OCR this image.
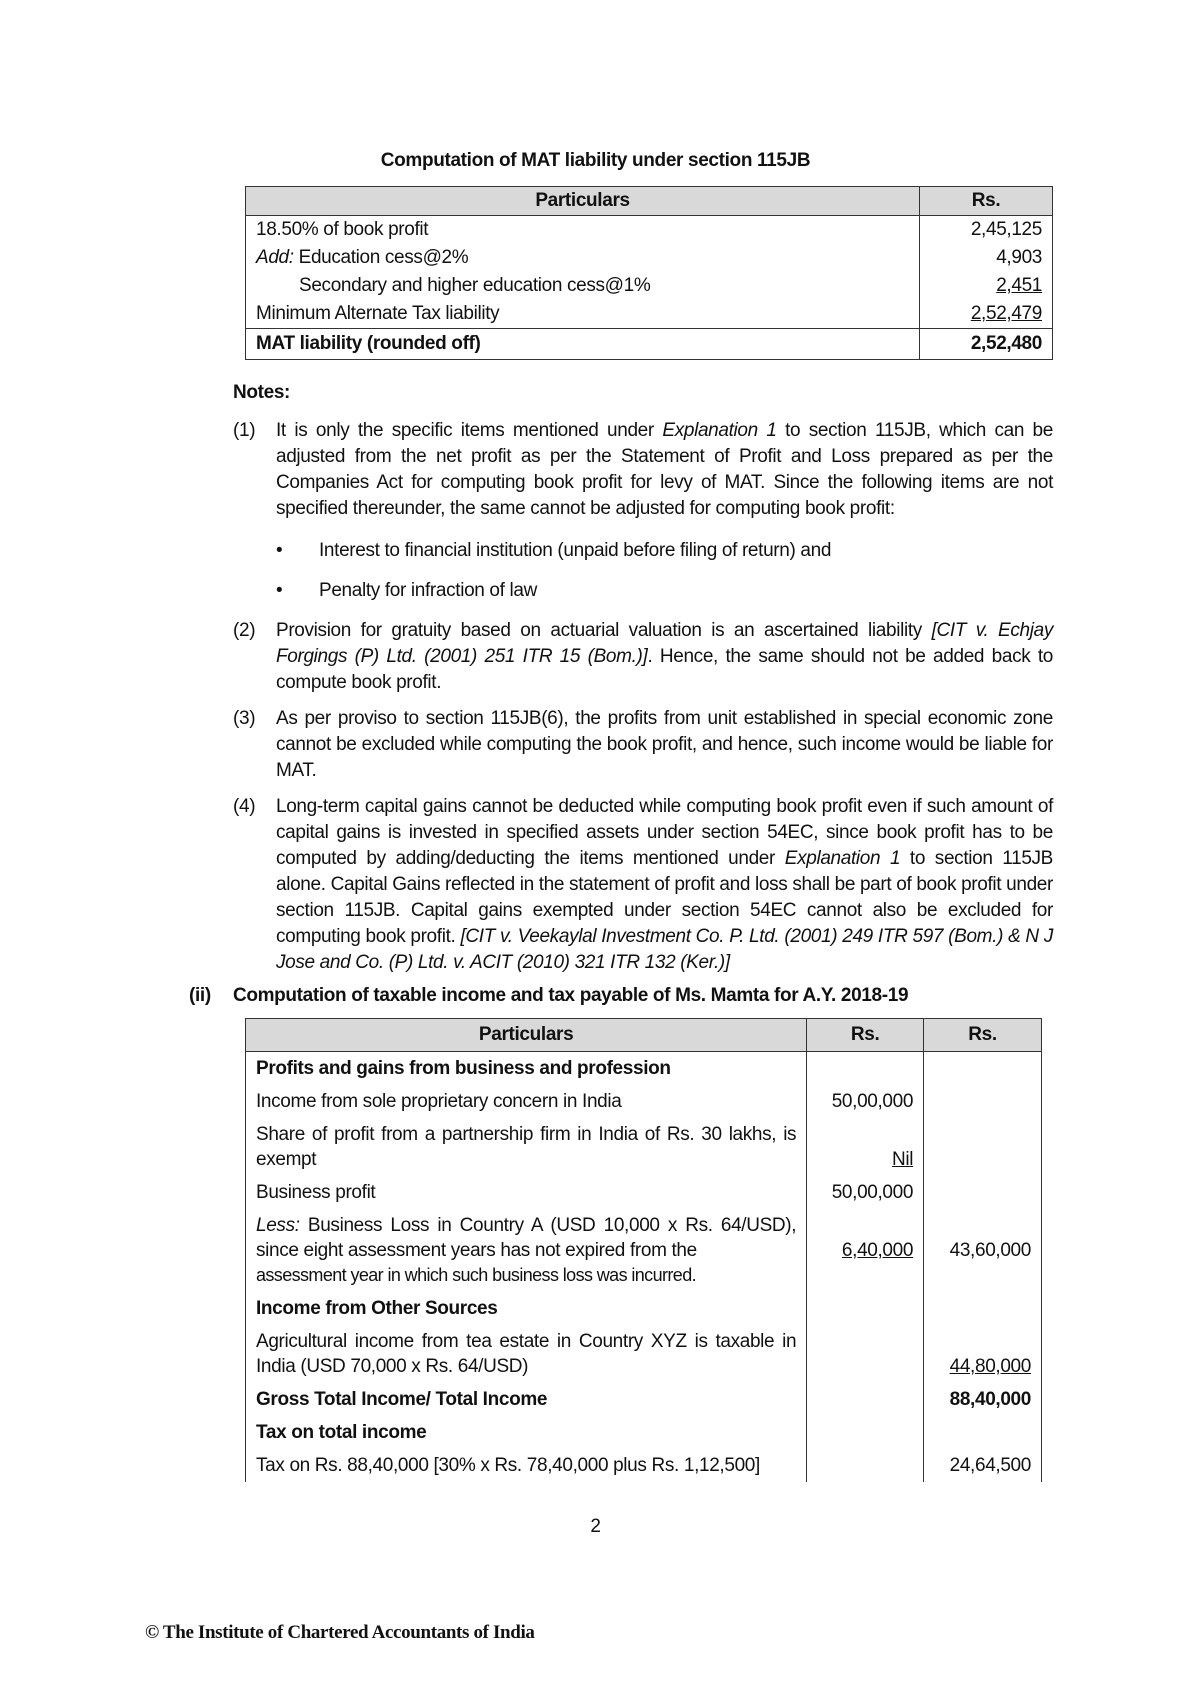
Computation of MAT liability under section 115JB
Particulars	Rs.
18.50% of book profit	2,45,125
Add: Education cess@2%	4,903
Secondary and higher education cess@1%	2,451
Minimum Alternate Tax liability	2,52,479
MAT liability (rounded off)	2,52,480
Notes:
(1) It is only the specific items mentioned under Explanation 1 to section 115JB, which can be adjusted from the net profit as per the Statement of Profit and Loss prepared as per the Companies Act for computing book profit for levy of MAT. Since the following items are not specified thereunder, the same cannot be adjusted for computing book profit:
• Interest to financial institution (unpaid before filing of return) and
• Penalty for infraction of law
(2) Provision for gratuity based on actuarial valuation is an ascertained liability [CIT v. Echjay Forgings (P) Ltd. (2001) 251 ITR 15 (Bom.)]. Hence, the same should not be added back to compute book profit.
(3) As per proviso to section 115JB(6), the profits from unit established in special economic zone cannot be excluded while computing the book profit, and hence, such income would be liable for MAT.
(4) Long-term capital gains cannot be deducted while computing book profit even if such amount of capital gains is invested in specified assets under section 54EC, since book profit has to be computed by adding/deducting the items mentioned under Explanation 1 to section 115JB alone. Capital Gains reflected in the statement of profit and loss shall be part of book profit under section 115JB. Capital gains exempted under section 54EC cannot also be excluded for computing book profit. [CIT v. Veekaylal Investment Co. P. Ltd. (2001) 249 ITR 597 (Bom.) & N J Jose and Co. (P) Ltd. v. ACIT (2010) 321 ITR 132 (Ker.)]
(ii) Computation of taxable income and tax payable of Ms. Mamta for A.Y. 2018-19
Particulars	Rs.	Rs.
Profits and gains from business and profession		
Income from sole proprietary concern in India	50,00,000	
Share of profit from a partnership firm in India of Rs. 30 lakhs, is exempt	Nil	
Business profit	50,00,000	
Less: Business Loss in Country A (USD 10,000 x Rs. 64/USD), since eight assessment years has not expired from the
assessment year in which such business loss was incurred.	6,40,000	43,60,000
Income from Other Sources		
Agricultural income from tea estate in Country XYZ is taxable in India (USD 70,000 x Rs. 64/USD)		44,80,000
Gross Total Income/ Total Income		88,40,000
Tax on total income		
Tax on Rs. 88,40,000 [30% x Rs. 78,40,000 plus Rs. 1,12,500]		24,64,500
2
© The Institute of Chartered Accountants of India
